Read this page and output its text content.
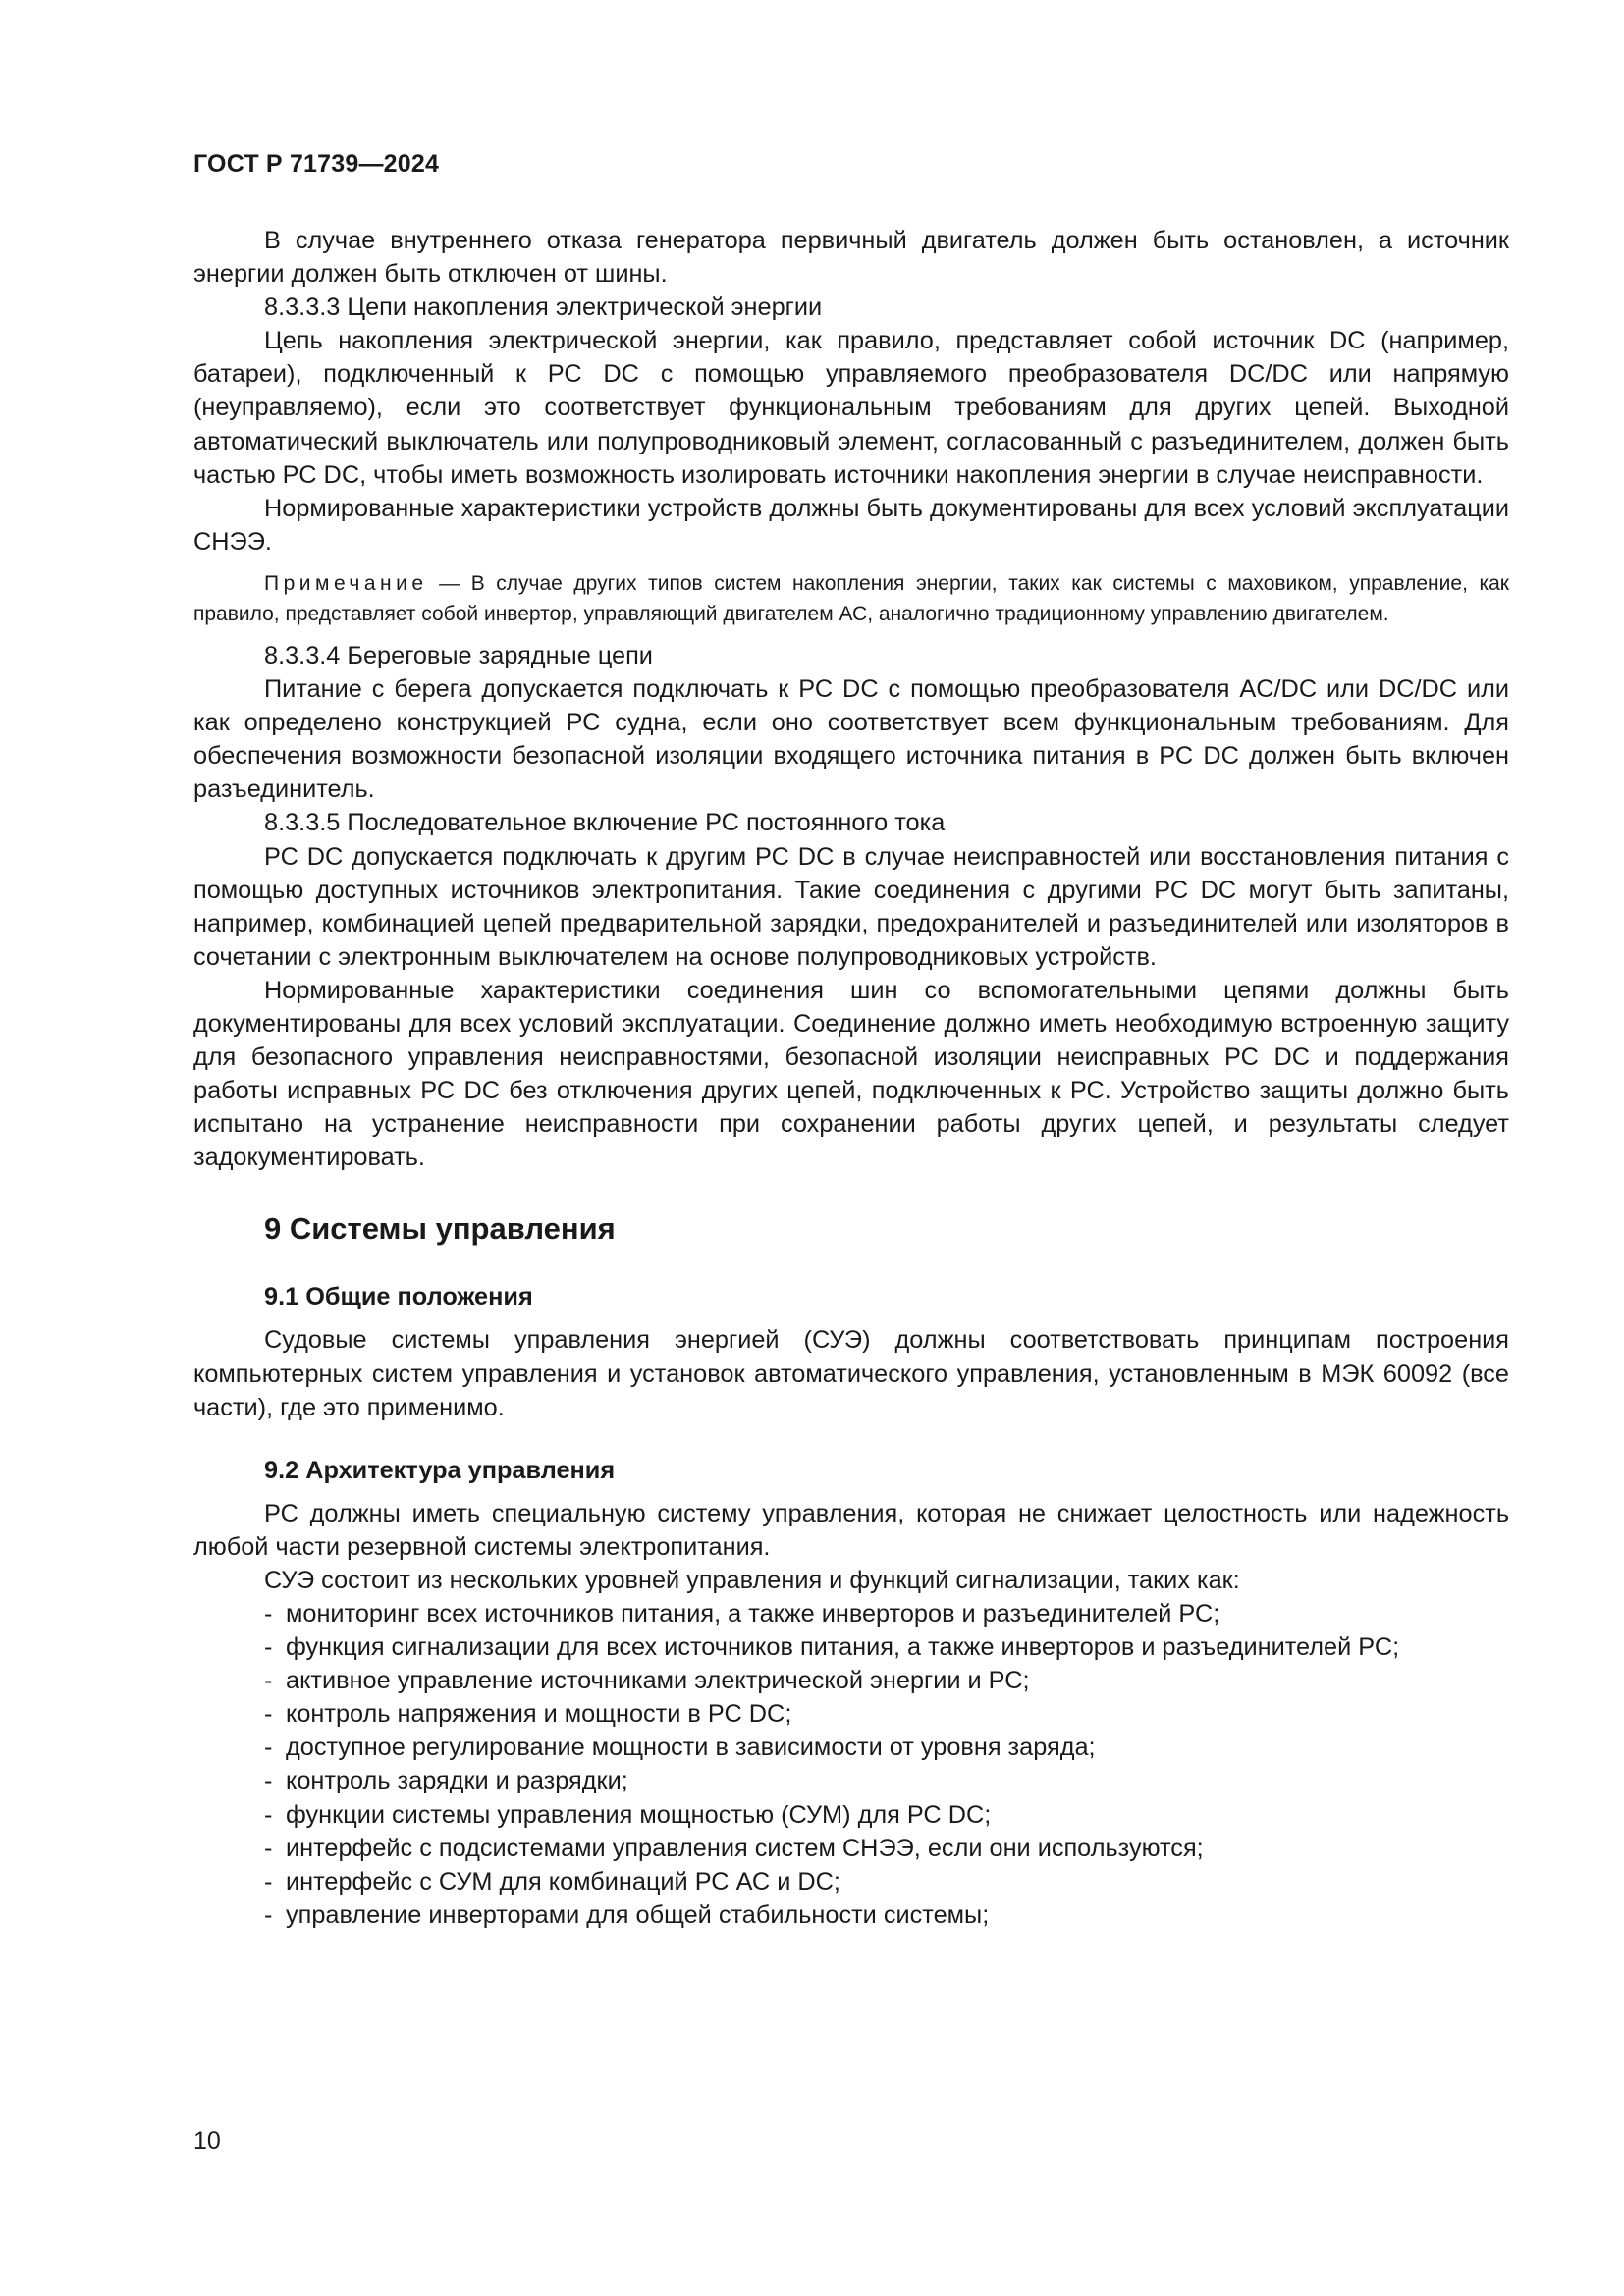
ГОСТ Р 71739—2024

В случае внутреннего отказа генератора первичный двигатель должен быть остановлен, а источник энергии должен быть отключен от шины.

8.3.3.3 Цепи накопления электрической энергии

Цепь накопления электрической энергии, как правило, представляет собой источник DC (например, батареи), подключенный к РС DC с помощью управляемого преобразователя DC/DC или напрямую (неуправляемо), если это соответствует функциональным требованиям для других цепей. Выходной автоматический выключатель или полупроводниковый элемент, согласованный с разъединителем, должен быть частью РС DC, чтобы иметь возможность изолировать источники накопления энергии в случае неисправности.

Нормированные характеристики устройств должны быть документированы для всех условий эксплуатации СНЭЭ.

Примечание — В случае других типов систем накопления энергии, таких как системы с маховиком, управление, как правило, представляет собой инвертор, управляющий двигателем АС, аналогично традиционному управлению двигателем.

8.3.3.4 Береговые зарядные цепи

Питание с берега допускается подключать к РС DC с помощью преобразователя AC/DC или DC/DC или как определено конструкцией РС судна, если оно соответствует всем функциональным требованиям. Для обеспечения возможности безопасной изоляции входящего источника питания в РС DC должен быть включен разъединитель.

8.3.3.5 Последовательное включение РС постоянного тока

РС DC допускается подключать к другим РС DC в случае неисправностей или восстановления питания с помощью доступных источников электропитания. Такие соединения с другими РС DC могут быть запитаны, например, комбинацией цепей предварительной зарядки, предохранителей и разъединителей или изоляторов в сочетании с электронным выключателем на основе полупроводниковых устройств.

Нормированные характеристики соединения шин со вспомогательными цепями должны быть документированы для всех условий эксплуатации. Соединение должно иметь необходимую встроенную защиту для безопасного управления неисправностями, безопасной изоляции неисправных РС DC и поддержания работы исправных РС DC без отключения других цепей, подключенных к РС. Устройство защиты должно быть испытано на устранение неисправности при сохранении работы других цепей, и результаты следует задокументировать.

9 Системы управления
9.1 Общие положения

Судовые системы управления энергией (СУЭ) должны соответствовать принципам построения компьютерных систем управления и установок автоматического управления, установленным в МЭК 60092 (все части), где это применимо.

9.2 Архитектура управления

РС должны иметь специальную систему управления, которая не снижает целостность или надежность любой части резервной системы электропитания.

СУЭ состоит из нескольких уровней управления и функций сигнализации, таких как:

- мониторинг всех источников питания, а также инверторов и разъединителей РС;
- функция сигнализации для всех источников питания, а также инверторов и разъединителей РС;
- активное управление источниками электрической энергии и РС;
- контроль напряжения и мощности в РС DC;
- доступное регулирование мощности в зависимости от уровня заряда;
- контроль зарядки и разрядки;
- функции системы управления мощностью (СУМ) для РС DC;
- интерфейс с подсистемами управления систем СНЭЭ, если они используются;
- интерфейс с СУМ для комбинаций РС АС и DC;
- управление инверторами для общей стабильности системы;
10
